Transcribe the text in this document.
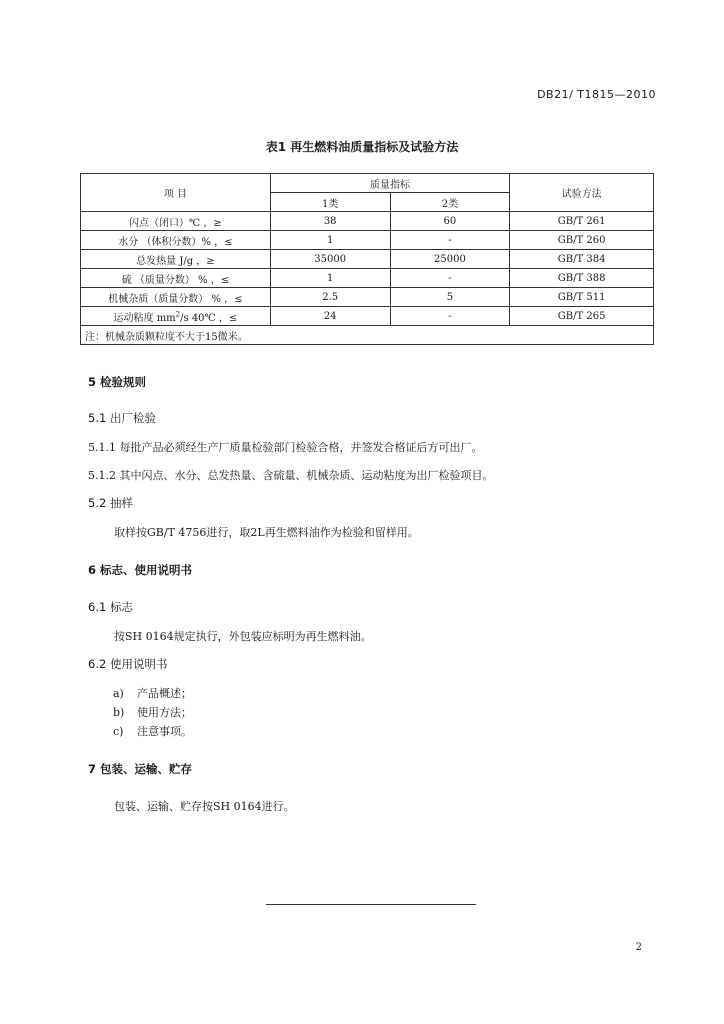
DB21/ T1815—2010
表1 再生燃料油质量指标及试验方法
项 目	质量指标		试验方法
	1类	2类	
闪点（闭口）℃ ，≥	38	60	GB/T 261
水分 （体积分数）% ，≤	1	-	GB/T 260
总发热量 J/g ，≥	35000	25000	GB/T 384
硫 （质量分数） % ，≤	1	-	GB/T 388
机械杂质（质量分数） % ，≤	2.5	5	GB/T 511
运动粘度 $mm^2/s$ 40℃ ，≤	24	-	GB/T 265
注：机械杂质颗粒度不大于15微米。			
5 检验规则
5.1 出厂检验
5.1.1 每批产品必须经生产厂质量检验部门检验合格，并签发合格证后方可出厂。
5.1.2 其中闪点、水分、总发热量、含硫量、机械杂质、运动粘度为出厂检验项目。
5.2 抽样
取样按GB/T 4756进行，取2L再生燃料油作为检验和留样用。
6 标志、使用说明书
6.1 标志
按SH 0164规定执行，外包装应标明为再生燃料油。
6.2 使用说明书
a) 产品概述；
b) 使用方法；
c) 注意事项。
7 包装、运输、贮存
包装、运输、贮存按SH 0164进行。
2
